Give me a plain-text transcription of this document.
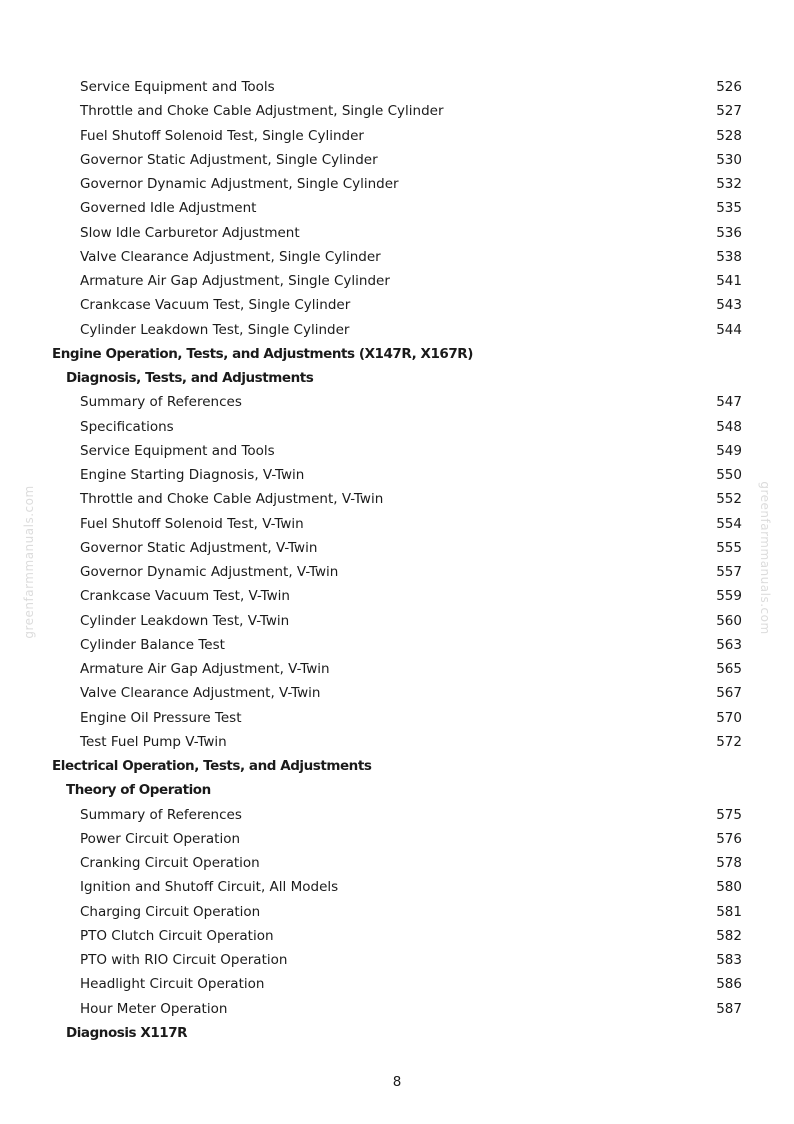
greenfarmmanuals.com	greenfarmmanuals.com
Service Equipment and Tools	526
Throttle and Choke Cable Adjustment, Single Cylinder	527
Fuel Shutoff Solenoid Test, Single Cylinder	528
Governor Static Adjustment, Single Cylinder	530
Governor Dynamic Adjustment, Single Cylinder	532
Governed Idle Adjustment	535
Slow Idle Carburetor Adjustment	536
Valve Clearance Adjustment, Single Cylinder	538
Armature Air Gap Adjustment, Single Cylinder	541
Crankcase Vacuum Test, Single Cylinder	543
Cylinder Leakdown Test, Single Cylinder	544
Engine Operation, Tests, and Adjustments (X147R, X167R)
Diagnosis, Tests, and Adjustments
Summary of References	547
Specifications	548
Service Equipment and Tools	549
Engine Starting Diagnosis, V-Twin	550
Throttle and Choke Cable Adjustment, V-Twin	552
Fuel Shutoff Solenoid Test, V-Twin	554
Governor Static Adjustment, V-Twin	555
Governor Dynamic Adjustment, V-Twin	557
Crankcase Vacuum Test, V-Twin	559
Cylinder Leakdown Test, V-Twin	560
Cylinder Balance Test	563
Armature Air Gap Adjustment, V-Twin	565
Valve Clearance Adjustment, V-Twin	567
Engine Oil Pressure Test	570
Test Fuel Pump V-Twin	572
Electrical Operation, Tests, and Adjustments
Theory of Operation
Summary of References	575
Power Circuit Operation	576
Cranking Circuit Operation	578
Ignition and Shutoff Circuit, All Models	580
Charging Circuit Operation	581
PTO Clutch Circuit Operation	582
PTO with RIO Circuit Operation	583
Headlight Circuit Operation	586
Hour Meter Operation	587
Diagnosis X117R
8
